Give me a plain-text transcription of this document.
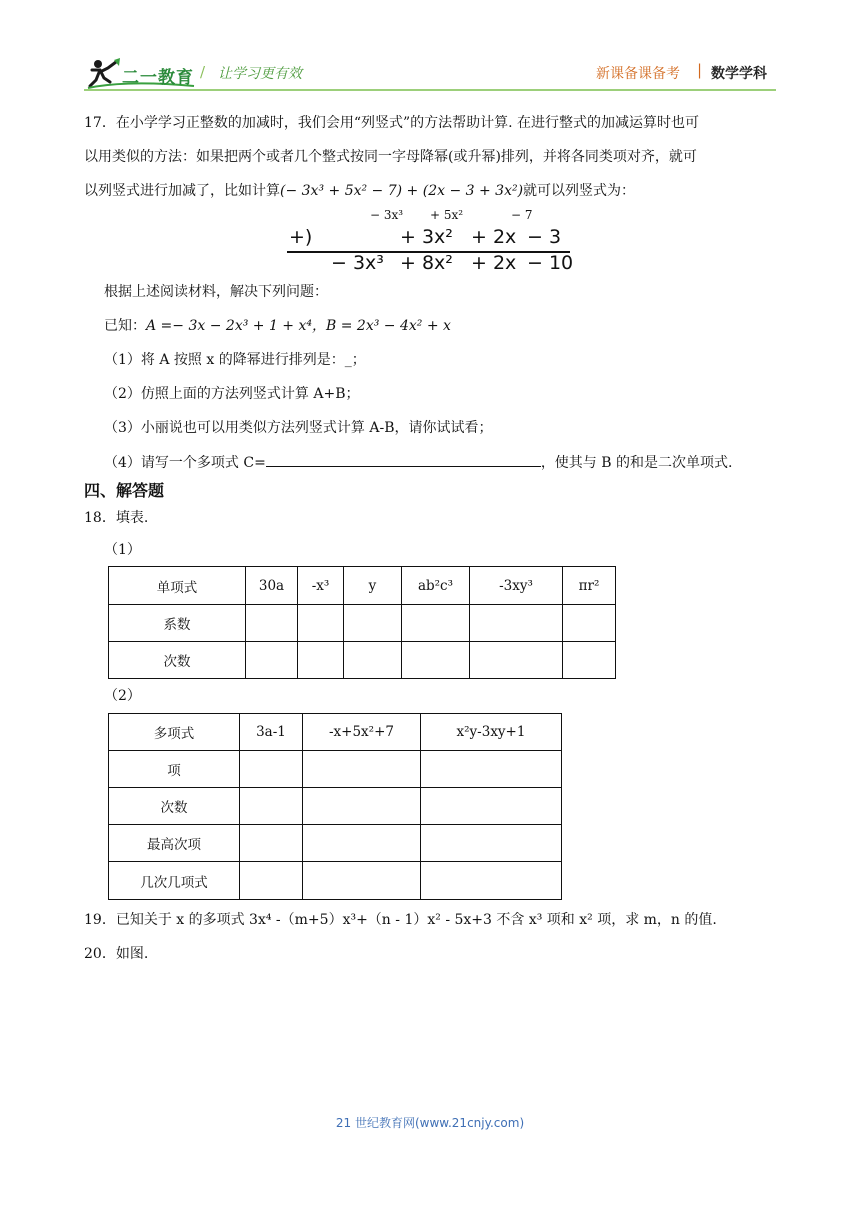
二一教育 / 让学习更有效	新课备课备考 | 数学学科
17．在小学学习正整数的加减时，我们会用“列竖式”的方法帮助计算. 在进行整式的加减运算时也可
以用类似的方法：如果把两个或者几个整式按同一字母降幂(或升幂)排列，并将各同类项对齐，就可
以列竖式进行加减了，比如计算(− 3x³ + 5x² − 7) + (2x − 3 + 3x²)就可以列竖式为：
− 3x³ + 5x²	− 7
+)	+ 3x² + 2x − 3
− 3x³ + 8x² + 2x − 10
根据上述阅读材料，解决下列问题：
已知：A =− 3x − 2x³ + 1 + x⁴，B = 2x³ − 4x² + x
（1）将 A 按照 x 的降幂进行排列是：_；
（2）仿照上面的方法列竖式计算 A+B；
（3）小丽说也可以用类似方法列竖式计算 A-B，请你试试看；
（4）请写一个多项式 C=	，使其与 B 的和是二次单项式.
四、解答题
18．填表.
（1）
单项式	30a	-x³	y	ab²c³	-3xy³	πr²
系数						
次数						
（2）
多项式	3a-1	-x+5x²+7	x²y-3xy+1
项			
次数			
最高次项			
几次几项式			
19．已知关于 x 的多项式 3x⁴ -（m+5）x³+（n - 1）x² - 5x+3 不含 x³ 项和 x² 项，求 m，n 的值.
20．如图.
21 世纪教育网(www.21cnjy.com)
